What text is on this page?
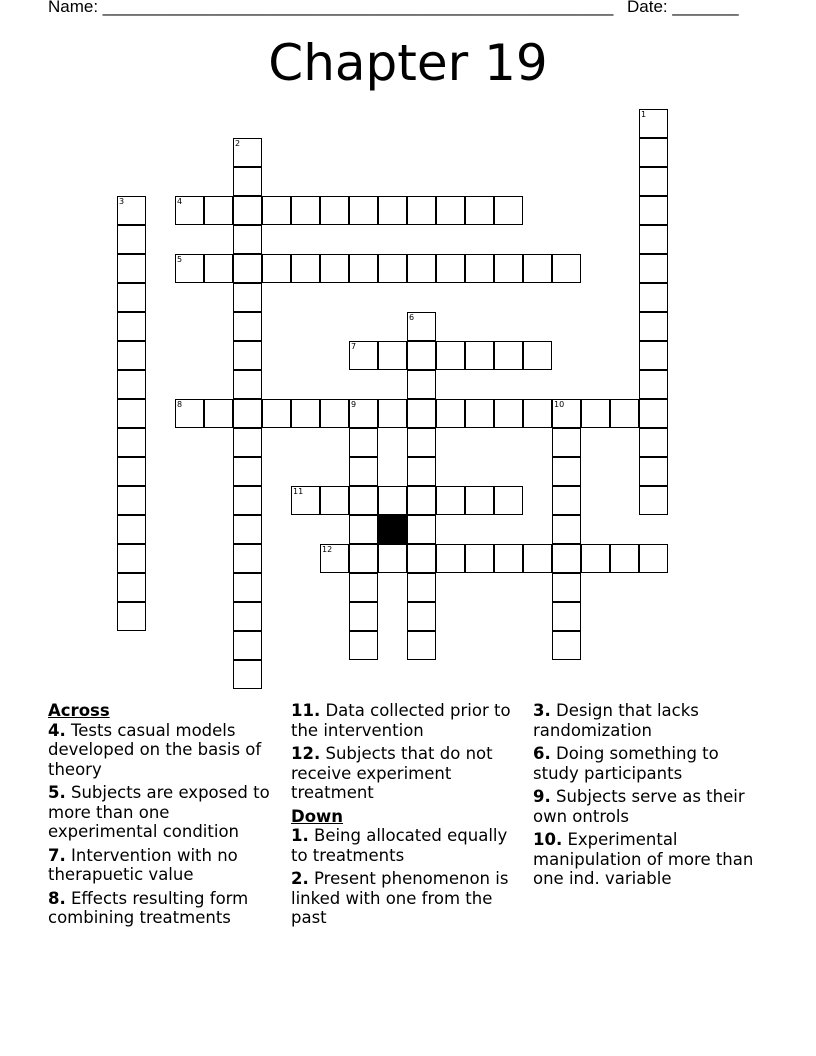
Name: ______________________________________________________ Date: _______
Chapter 19
1
2
3	4
5
6
7
8	9	10
11
12
Across
4. Tests casual models developed on the basis of theory
5. Subjects are exposed to more than one experimental condition
7. Intervention with no therapuetic value
8. Effects resulting form combining treatments
11. Data collected prior to the intervention
12. Subjects that do not receive experiment treatment
Down
1. Being allocated equally to treatments
2. Present phenomenon is linked with one from the past
3. Design that lacks randomization
6. Doing something to study participants
9. Subjects serve as their own ontrols
10. Experimental manipulation of more than one ind. variable
